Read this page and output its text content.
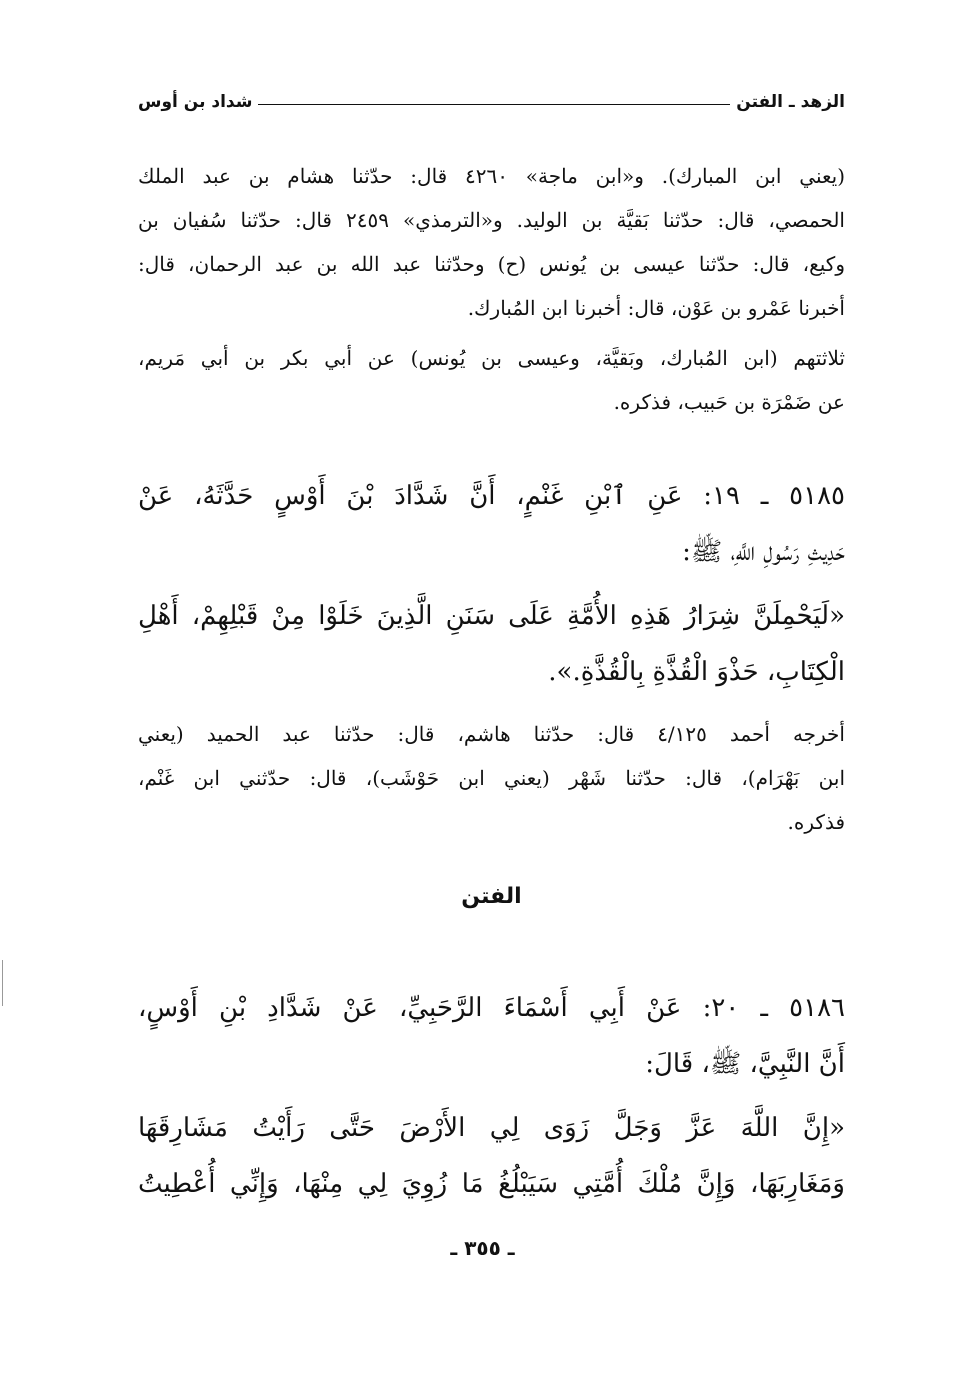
الزهد ـ الفتن
شداد بن أوس
(يعني ابن المبارك). و«ابن ماجة» ٤٢٦٠ قال: حدّثنا هشام بن عبد الملك
الحمصي، قال: حدّثنا بَقيَّة بن الوليد. و«الترمذي» ٢٤٥٩ قال: حدّثنا سُفيان بن
وكيع، قال: حدّثنا عيسى بن يُونس (ح) وحدّثنا عبد الله بن عبد الرحمان، قال:
أخبرنا عَمْرو بن عَوْن، قال: أخبرنا ابن المُبارك.
ثلاثتهم (ابن المُبارك، وبَقيَّة، وعيسى بن يُونس) عن أبي بكر بن أبي مَريم،
عن ضَمْرَة بن حَبيب، فذكره.
٥١٨٥ ـ ١٩: عَنِ ٱبْنِ غَنْمٍ، أَنَّ شَدَّادَ بْنَ أَوْسٍ حَدَّثَهُ، عَنْ
حَدِيثِ رَسُولِ اللَّهِ، ﷺ:
«لَيَحْمِلَنَّ شِرَارُ هَذِهِ الأُمَّةِ عَلَى سَنَنِ الَّذِينَ خَلَوْا مِنْ قَبْلِهِمْ، أَهْلِ
الْكِتَابِ، حَذْوَ الْقُذَّةِ بِالْقُذَّةِ.».
أخرجه أحمد ٤/١٢٥ قال: حدّثنا هاشم، قال: حدّثنا عبد الحميد (يعني
ابن بَهْرَام)، قال: حدّثنا شَهْر (يعني ابن حَوْشَب)، قال: حدّثني ابن غَنْم،
فذكره.
الفتن
٥١٨٦ ـ ٢٠: عَنْ أَبِي أَسْمَاءَ الرَّحَبِيِّ، عَنْ شَدَّادِ بْنِ أَوْسٍ،
أَنَّ النَّبِيَّ، ﷺ، قَالَ:
«إِنَّ اللَّهَ عَزَّ وَجَلَّ زَوَى لِي الأَرْضَ حَتَّى رَأَيْتُ مَشَارِقَهَا
وَمَغَارِبَهَا، وَإِنَّ مُلْكَ أُمَّتِي سَيَبْلُغُ مَا زُوِيَ لِي مِنْهَا، وَإِنِّي أُعْطِيتُ
ـ ٣٥٥ ـ
